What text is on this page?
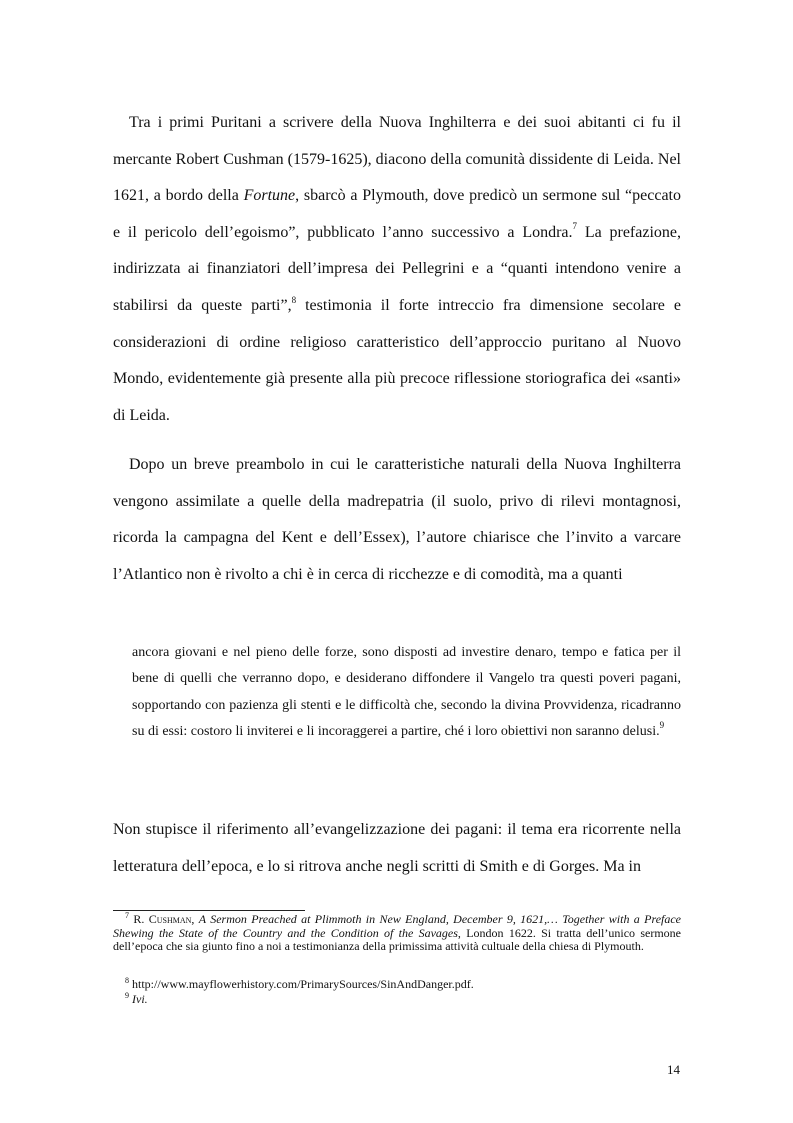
Tra i primi Puritani a scrivere della Nuova Inghilterra e dei suoi abitanti ci fu il mercante Robert Cushman (1579-1625), diacono della comunità dissidente di Leida. Nel 1621, a bordo della Fortune, sbarcò a Plymouth, dove predicò un sermone sul “peccato e il pericolo dell’egoismo”, pubblicato l’anno successivo a Londra.$^7$ La prefazione, indirizzata ai finanziatori dell’impresa dei Pellegrini e a “quanti intendono venire a stabilirsi da queste parti”,$^8$ testimonia il forte intreccio fra dimensione secolare e considerazioni di ordine religioso caratteristico dell’approccio puritano al Nuovo Mondo, evidentemente già presente alla più precoce riflessione storiografica dei «santi» di Leida.

Dopo un breve preambolo in cui le caratteristiche naturali della Nuova Inghilterra vengono assimilate a quelle della madrepatria (il suolo, privo di rilevi montagnosi, ricorda la campagna del Kent e dell’Essex), l’autore chiarisce che l’invito a varcare l’Atlantico non è rivolto a chi è in cerca di ricchezze e di comodità, ma a quanti

ancora giovani e nel pieno delle forze, sono disposti ad investire denaro, tempo e fatica per il bene di quelli che verranno dopo, e desiderano diffondere il Vangelo tra questi poveri pagani, sopportando con pazienza gli stenti e le difficoltà che, secondo la divina Provvidenza, ricadranno su di essi: costoro li inviterei e li incoraggerei a partire, ché i loro obiettivi non saranno delusi.$^9$

Non stupisce il riferimento all’evangelizzazione dei pagani: il tema era ricorrente nella letteratura dell’epoca, e lo si ritrova anche negli scritti di Smith e di Gorges. Ma in

$^7$ R. Cushman, A Sermon Preached at Plimmoth in New England, December 9, 1621,… Together with a Preface Shewing the State of the Country and the Condition of the Savages, London 1622. Si tratta dell’unico sermone dell’epoca che sia giunto fino a noi a testimonianza della primissima attività cultuale della chiesa di Plymouth.

$^8$ http://www.mayflowerhistory.com/PrimarySources/SinAndDanger.pdf.

$^9$ Ivi.

14
